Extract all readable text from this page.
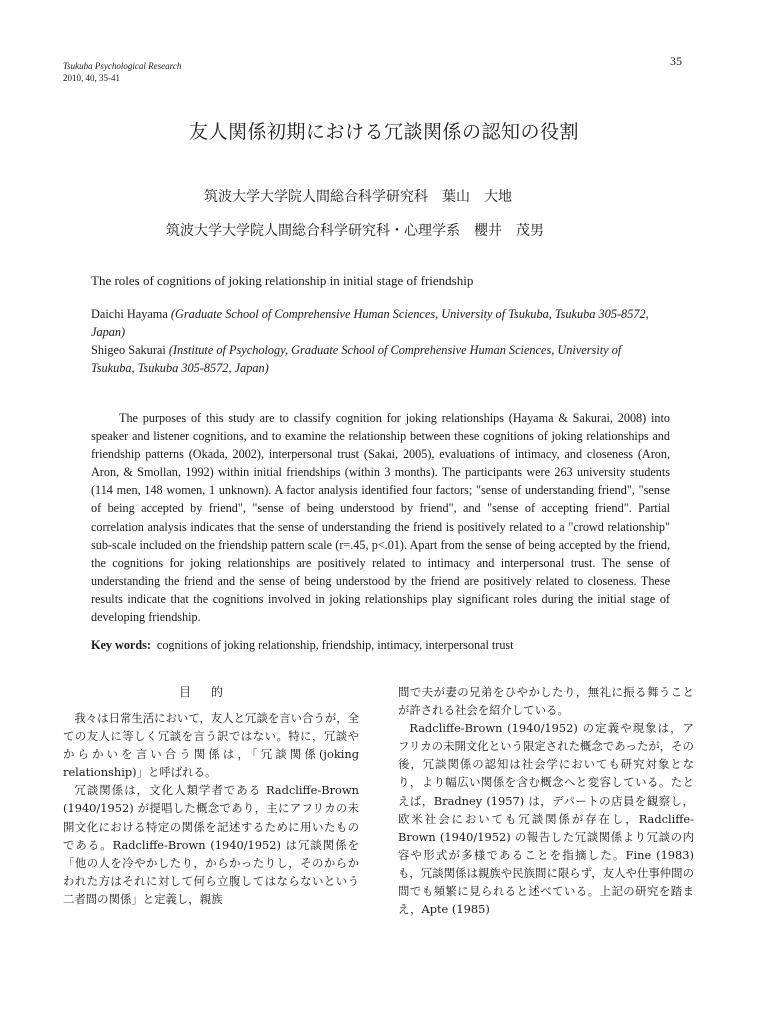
Tsukuba Psychological Research
2010, 40, 35-41
35
友人関係初期における冗談関係の認知の役割
筑波大学大学院人間総合科学研究科　葉山　大地
筑波大学大学院人間総合科学研究科・心理学系　櫻井　茂男
The roles of cognitions of joking relationship in initial stage of friendship
Daichi Hayama (Graduate School of Comprehensive Human Sciences, University of Tsukuba, Tsukuba 305-8572, Japan)
Shigeo Sakurai (Institute of Psychology, Graduate School of Comprehensive Human Sciences, University of Tsukuba, Tsukuba 305-8572, Japan)
The purposes of this study are to classify cognition for joking relationships (Hayama & Sakurai, 2008) into speaker and listener cognitions, and to examine the relationship between these cognitions of joking relationships and friendship patterns (Okada, 2002), interpersonal trust (Sakai, 2005), evaluations of intimacy, and closeness (Aron, Aron, & Smollan, 1992) within initial friendships (within 3 months). The participants were 263 university students (114 men, 148 women, 1 unknown). A factor analysis identified four factors; "sense of understanding friend", "sense of being accepted by friend", "sense of being understood by friend", and "sense of accepting friend". Partial correlation analysis indicates that the sense of understanding the friend is positively related to a "crowd relationship" sub-scale included on the friendship pattern scale (r=.45, p<.01). Apart from the sense of being accepted by the friend, the cognitions for joking relationships are positively related to intimacy and interpersonal trust. The sense of understanding the friend and the sense of being understood by the friend are positively related to closeness. These results indicate that the cognitions involved in joking relationships play significant roles during the initial stage of developing friendship.
Key words: cognitions of joking relationship, friendship, intimacy, interpersonal trust
目的

我々は日常生活において，友人と冗談を言い合うが，全ての友人に等しく冗談を言う訳ではない。特に，冗談やからかいを言い合う関係は，「冗談関係(joking relationship)」と呼ばれる。

冗談関係は，文化人類学者である Radcliffe-Brown (1940/1952) が提唱した概念であり，主にアフリカの未開文化における特定の関係を記述するために用いたものである。Radcliffe-Brown (1940/1952) は冗談関係を「他の人を冷やかしたり，からかったりし，そのからかわれた方はそれに対して何ら立腹してはならないという二者間の関係」と定義し，親族

間で夫が妻の兄弟をひやかしたり，無礼に振る舞うことが許される社会を紹介している。

Radcliffe-Brown (1940/1952) の定義や現象は，アフリカの未開文化という限定された概念であったが，その後，冗談関係の認知は社会学においても研究対象となり，より幅広い関係を含む概念へと変容している。たとえば，Bradney (1957) は，デパートの店員を観察し，欧米社会においても冗談関係が存在し，Radcliffe-Brown (1940/1952) の報告した冗談関係より冗談の内容や形式が多様であることを指摘した。Fine (1983) も，冗談関係は親族や民族間に限らず，友人や仕事仲間の間でも頻繁に見られると述べている。上記の研究を踏まえ，Apte (1985)
